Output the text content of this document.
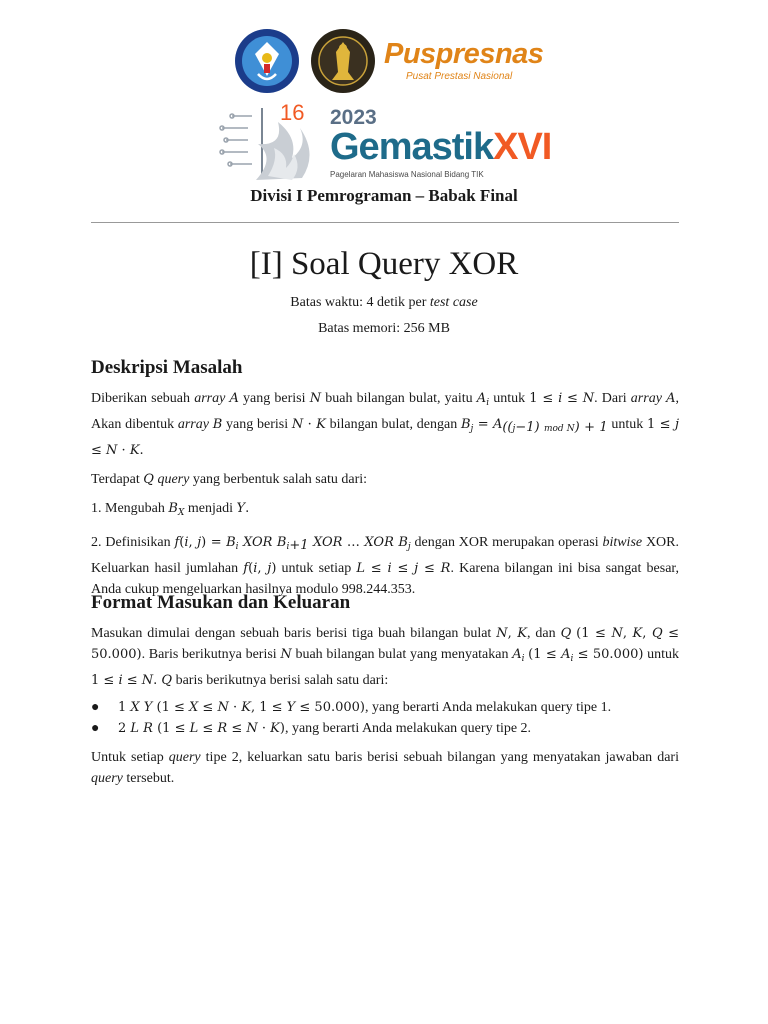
Puspresnas
Pusat Prestasi Nasional
16 2023
GemastikXVI
Pagelaran Mahasiswa Nasional Bidang TIK
Divisi I Pemrograman – Babak Final
[I] Soal Query XOR
Batas waktu: 4 detik per test case
Batas memori: 256 MB
Deskripsi Masalah

Diberikan sebuah array A yang berisi N buah bilangan bulat, yaitu $A_i$ untuk 1 ≤ i ≤ N. Dari array A, Akan dibentuk array B yang berisi N · K bilangan bulat, dengan $B_j = A_{((j-1) mod N) + 1}$ untuk 1 ≤ j ≤ N · K.

Terdapat Q query yang berbentuk salah satu dari:

1. Mengubah $B_X$ menjadi Y.

2. Definisikan f(i, $j) = B_i$ XOR $B_{i+1}$ XOR … XOR $B_j$ dengan XOR merupakan operasi bitwise XOR. Keluarkan hasil jumlahan f(i, j) untuk setiap L ≤ i ≤ j ≤ R. Karena bilangan ini bisa sangat besar, Anda cukup mengeluarkan hasilnya modulo 998.244.353.

Format Masukan dan Keluaran

Masukan dimulai dengan sebuah baris berisi tiga buah bilangan bulat N, K, dan Q (1 ≤ N, K, Q ≤ 50.000). Baris berikutnya berisi N buah bilangan bulat yang menyatakan $A_i$ $(1 \le A_i \le 50.000)$ untuk 1 ≤ i ≤ N. Q baris berikutnya berisi salah satu dari:

● 1 X Y (1 ≤ X ≤ N · K, 1 ≤ Y ≤ 50.000), yang berarti Anda melakukan query tipe 1.
● 2 L R (1 ≤ L ≤ R ≤ N · K), yang berarti Anda melakukan query tipe 2.

Untuk setiap query tipe 2, keluarkan satu baris berisi sebuah bilangan yang menyatakan jawaban dari query tersebut.
